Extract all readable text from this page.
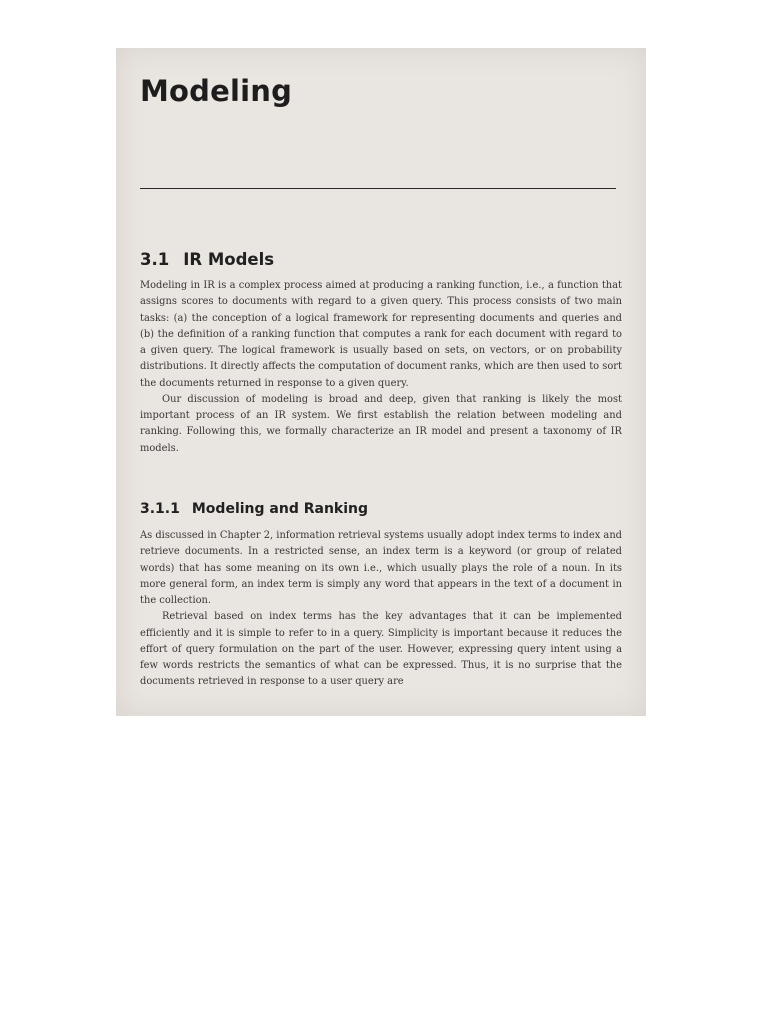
Modeling
3.1 IR Models

Modeling in IR is a complex process aimed at producing a ranking function, i.e., a function that assigns scores to documents with regard to a given query. This process consists of two main tasks: (a) the conception of a logical framework for representing documents and queries and (b) the definition of a ranking function that computes a rank for each document with regard to a given query. The logical framework is usually based on sets, on vectors, or on probability distributions. It directly affects the computation of document ranks, which are then used to sort the documents returned in response to a given query.

Our discussion of modeling is broad and deep, given that ranking is likely the most important process of an IR system. We first establish the relation between modeling and ranking. Following this, we formally characterize an IR model and present a taxonomy of IR models.

3.1.1 Modeling and Ranking

As discussed in Chapter 2, information retrieval systems usually adopt index terms to index and retrieve documents. In a restricted sense, an index term is a keyword (or group of related words) that has some meaning on its own i.e., which usually plays the role of a noun. In its more general form, an index term is simply any word that appears in the text of a document in the collection.

Retrieval based on index terms has the key advantages that it can be implemented efficiently and it is simple to refer to in a query. Simplicity is important because it reduces the effort of query formulation on the part of the user. However, expressing query intent using a few words restricts the semantics of what can be expressed. Thus, it is no surprise that the documents retrieved in response to a user query are
